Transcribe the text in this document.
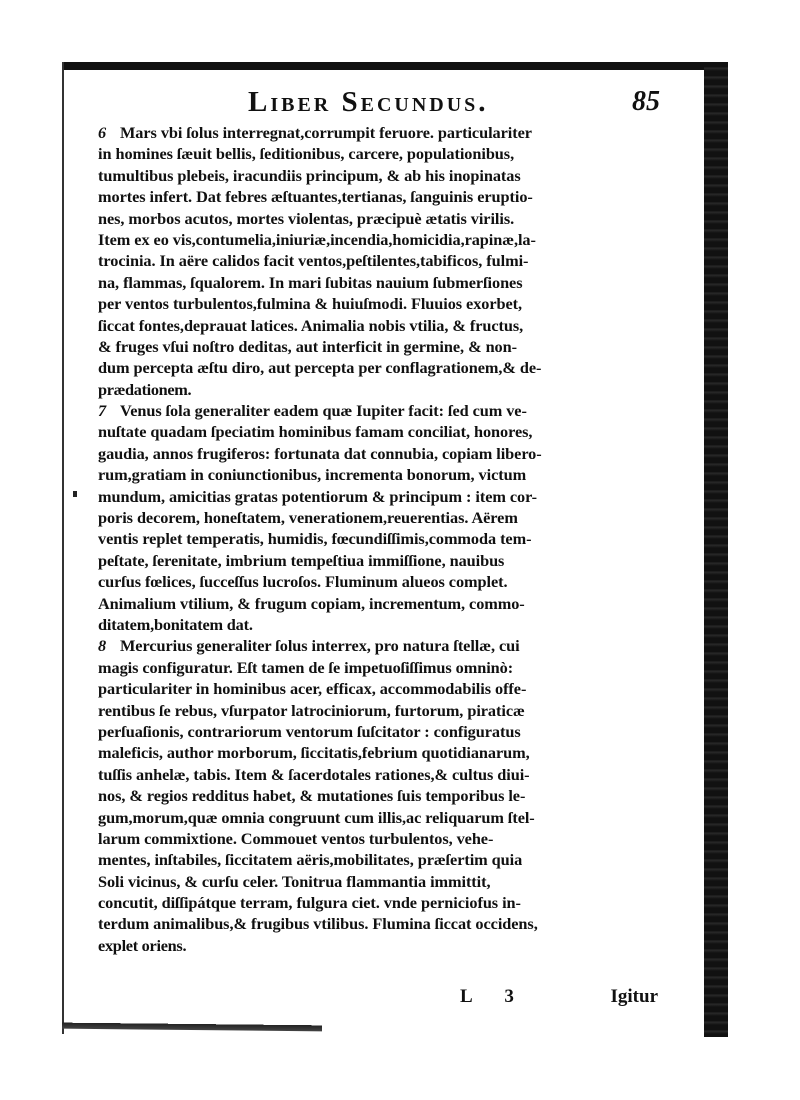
Liber Secundus.	85
6 Mars vbi ſolus interregnat,corrumpit feruore. particulariter
in homines ſæuit bellis, ſeditionibus, carcere, populationibus,
tumultibus plebeis, iracundiis principum, & ab his inopinatas
mortes infert. Dat febres æſtuantes,tertianas, ſanguinis eruptio-
nes, morbos acutos, mortes violentas, præcipuè ætatis virilis.
Item ex eo vis,contumelia,iniuriæ,incendia,homicidia,rapinæ,la-
trocinia. In aëre calidos facit ventos,peſtilentes,tabificos, fulmi-
na, flammas, ſqualorem. In mari ſubitas nauium ſubmerſiones
per ventos turbulentos,fulmina & huiuſmodi. Fluuios exorbet,
ſiccat fontes,deprauat latices. Animalia nobis vtilia, & fructus,
& fruges vſui noſtro deditas, aut interficit in germine, & non-
dum percepta æſtu diro, aut percepta per conflagrationem,& de-
prædationem.
7 Venus ſola generaliter eadem quæ Iupiter facit: ſed cum ve-
nuſtate quadam ſpeciatim hominibus famam conciliat, honores,
gaudia, annos frugiferos: fortunata dat connubia, copiam libero-
rum,gratiam in coniunctionibus, incrementa bonorum, victum
mundum, amicitias gratas potentiorum & principum : item cor-
poris decorem, honeſtatem, venerationem,reuerentias. Aërem
ventis replet temperatis, humidis, fœcundiſſimis,commoda tem-
peſtate, ſerenitate, imbrium tempeſtiua immiſſione, nauibus
curſus fœlices, ſucceſſus lucroſos. Fluminum alueos complet.
Animalium vtilium, & frugum copiam, incrementum, commo-
ditatem,bonitatem dat.
8 Mercurius generaliter ſolus interrex, pro natura ſtellæ, cui
magis configuratur. Eſt tamen de ſe impetuoſiſſimus omninò:
particulariter in hominibus acer, efficax, accommodabilis offe-
rentibus ſe rebus, vſurpator latrociniorum, furtorum, piraticæ
perſuaſionis, contrariorum ventorum ſuſcitator : configuratus
maleficis, author morborum, ſiccitatis,febrium quotidianarum,
tuſſis anhelæ, tabis. Item & ſacerdotales rationes,& cultus diui-
nos, & regios redditus habet, & mutationes ſuis temporibus le-
gum,morum,quæ omnia congruunt cum illis,ac reliquarum ſtel-
larum commixtione. Commouet ventos turbulentos, vehe-
mentes, inſtabiles, ſiccitatem aëris,mobilitates, præſertim quia
Soli vicinus, & curſu celer. Tonitrua flammantia immittit,
concutit, diſſipátque terram, fulgura ciet. vnde perniciofus in-
terdum animalibus,& frugibus vtilibus. Flumina ſiccat occidens,
explet oriens.
L 3	Igitur
